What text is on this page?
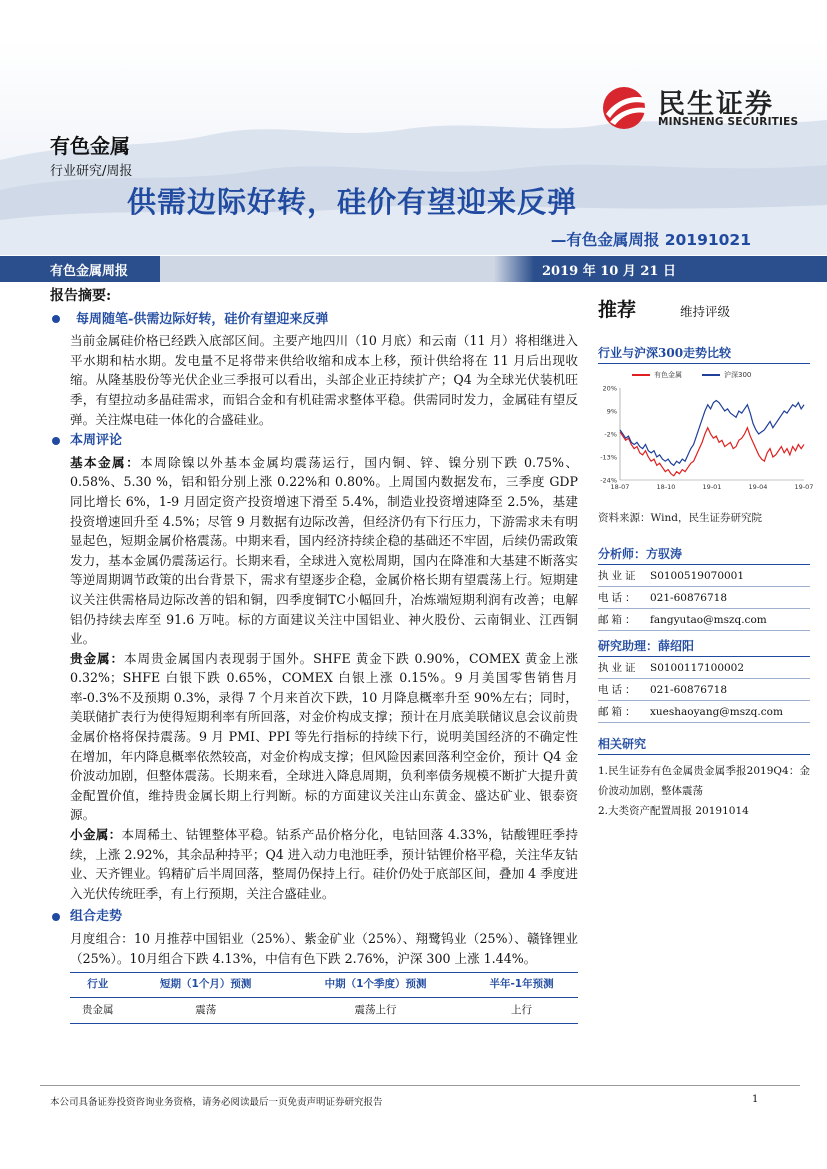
民生证券
MINSHENG SECURITIES
有色金属
行业研究/周报
供需边际好转，硅价有望迎来反弹
—有色金属周报 20191021
有色金属周报	2019 年 10 月 21 日
报告摘要:
每周随笔-供需边际好转，硅价有望迎来反弹

当前金属硅价格已经跌入底部区间。主要产地四川（10 月底）和云南（11 月）将相继进入平水期和枯水期。发电量不足将带来供给收缩和成本上移，预计供给将在 11 月后出现收缩。从隆基股份等光伏企业三季报可以看出，头部企业正持续扩产；Q4 为全球光伏装机旺季，有望拉动多晶硅需求，而铝合金和有机硅需求整体平稳。供需同时发力，金属硅有望反弹。关注煤电硅一体化的合盛硅业。

本周评论

基本金属：本周除镍以外基本金属均震荡运行，国内铜、锌、镍分别下跌 0.75%、0.58%、5.30 %，铝和铅分别上涨 0.22%和 0.80%。上周国内数据发布，三季度 GDP 同比增长 6%，1-9 月固定资产投资增速下滑至 5.4%，制造业投资增速降至 2.5%，基建投资增速回升至 4.5%；尽管 9 月数据有边际改善，但经济仍有下行压力，下游需求未有明显起色，短期金属价格震荡。中期来看，国内经济持续企稳的基础还不牢固，后续仍需政策发力，基本金属仍震荡运行。长期来看，全球进入宽松周期，国内在降准和大基建不断落实等逆周期调节政策的出台背景下，需求有望逐步企稳，金属价格长期有望震荡上行。短期建议关注供需格局边际改善的铝和铜，四季度铜TC小幅回升，冶炼端短期利润有改善；电解铝仍持续去库至 91.6 万吨。标的方面建议关注中国铝业、神火股份、云南铜业、江西铜业。

贵金属：本周贵金属国内表现弱于国外。SHFE 黄金下跌 0.90%，COMEX 黄金上涨 0.32%；SHFE 白银下跌 0.65%，COMEX 白银上涨 0.15%。9 月美国零售销售月率-0.3%不及预期 0.3%，录得 7 个月来首次下跌，10 月降息概率升至 90%左右；同时，美联储扩表行为使得短期利率有所回落，对金价构成支撑；预计在月底美联储议息会议前贵金属价格将保持震荡。9 月 PMI、PPI 等先行指标的持续下行，说明美国经济的不确定性在增加，年内降息概率依然较高，对金价构成支撑；但风险因素回落利空金价，预计 Q4 金价波动加剧，但整体震荡。长期来看，全球进入降息周期，负利率债务规模不断扩大提升黄金配置价值，维持贵金属长期上行判断。标的方面建议关注山东黄金、盛达矿业、银泰资源。

小金属：本周稀土、钴锂整体平稳。钴系产品价格分化，电钴回落 4.33%，钴酸锂旺季持续，上涨 2.92%，其余品种持平；Q4 进入动力电池旺季，预计钴锂价格平稳，关注华友钴业、天齐锂业。钨精矿后半周回落，整周仍保持上行。硅价仍处于底部区间，叠加 4 季度进入光伏传统旺季，有上行预期，关注合盛硅业。

组合走势

月度组合：10 月推荐中国铝业（25%）、紫金矿业（25%）、翔鹭钨业（25%）、赣锋锂业（25%）。10月组合下跌 4.13%，中信有色下跌 2.76%，沪深 300 上涨 1.44%。

行业	短期（1个月）预测	中期（1个季度）预测	半年-1年预测
贵金属	震荡	震荡上行	上行
推荐	维持评级
行业与沪深300走势比较
有色金属	沪深300
20%
9%
-2%
-13%
-24%
18-07	18-10	19-01	19-04	19-07
资料来源：Wind，民生证券研究院
分析师：方驭涛
执业证	S0100519070001
电话：	021-60876718
邮箱：	fangyutao@mszq.com
研究助理：薛绍阳
执业证	S0100117100002
电话：	021-60876718
邮箱：	xueshaoyang@mszq.com
相关研究
1.民生证券有色金属贵金属季报2019Q4：金价波动加剧，整体震荡
2.大类资产配置周报 20191014
本公司具备证券投资咨询业务资格，请务必阅读最后一页免责声明证券研究报告	1
